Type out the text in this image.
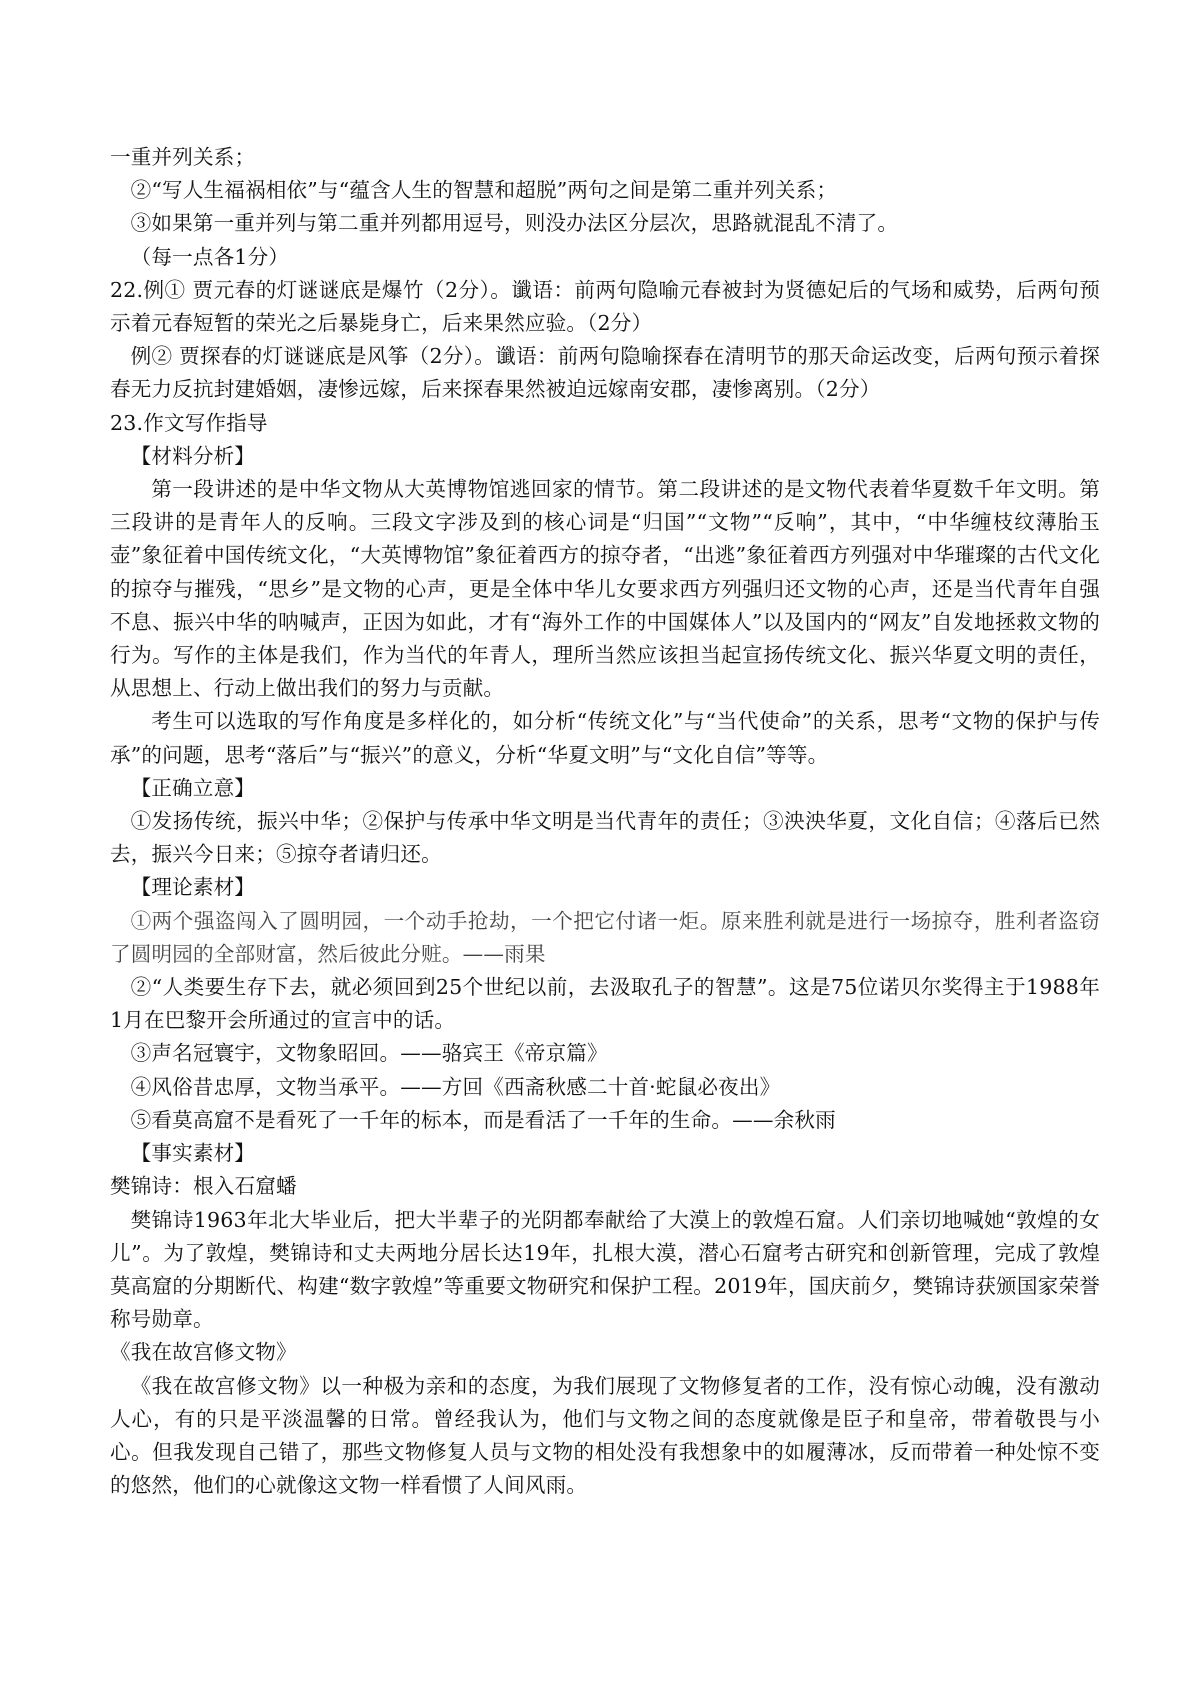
一重并列关系；

②“写人生福祸相依”与“蕴含人生的智慧和超脱”两句之间是第二重并列关系；

③如果第一重并列与第二重并列都用逗号，则没办法区分层次，思路就混乱不清了。

（每一点各1分）

22.例① 贾元春的灯谜谜底是爆竹（2分）。谶语：前两句隐喻元春被封为贤德妃后的气场和威势，后两句预示着元春短暂的荣光之后暴毙身亡，后来果然应验。（2分）

例② 贾探春的灯谜谜底是风筝（2分）。谶语：前两句隐喻探春在清明节的那天命运改变，后两句预示着探春无力反抗封建婚姻，凄惨远嫁，后来探春果然被迫远嫁南安郡，凄惨离别。（2分）

23.作文写作指导

【材料分析】

第一段讲述的是中华文物从大英博物馆逃回家的情节。第二段讲述的是文物代表着华夏数千年文明。第三段讲的是青年人的反响。三段文字涉及到的核心词是“归国”“文物”“反响”，其中，“中华缠枝纹薄胎玉壶”象征着中国传统文化，“大英博物馆”象征着西方的掠夺者，“出逃”象征着西方列强对中华璀璨的古代文化的掠夺与摧残，“思乡”是文物的心声，更是全体中华儿女要求西方列强归还文物的心声，还是当代青年自强不息、振兴中华的呐喊声，正因为如此，才有“海外工作的中国媒体人”以及国内的“网友”自发地拯救文物的行为。写作的主体是我们，作为当代的年青人，理所当然应该担当起宣扬传统文化、振兴华夏文明的责任，从思想上、行动上做出我们的努力与贡献。

考生可以选取的写作角度是多样化的，如分析“传统文化”与“当代使命”的关系，思考“文物的保护与传承”的问题，思考“落后”与“振兴”的意义，分析“华夏文明”与“文化自信”等等。

【正确立意】

①发扬传统，振兴中华；②保护与传承中华文明是当代青年的责任；③泱泱华夏，文化自信；④落后已然去，振兴今日来；⑤掠夺者请归还。

【理论素材】

①两个强盗闯入了圆明园，一个动手抢劫，一个把它付诸一炬。原来胜利就是进行一场掠夺，胜利者盗窃了圆明园的全部财富，然后彼此分赃。——雨果

②“人类要生存下去，就必须回到25个世纪以前，去汲取孔子的智慧”。这是75位诺贝尔奖得主于1988年1月在巴黎开会所通过的宣言中的话。

③声名冠寰宇，文物象昭回。——骆宾王《帝京篇》

④风俗昔忠厚，文物当承平。——方回《西斋秋感二十首·蛇鼠必夜出》

⑤看莫高窟不是看死了一千年的标本，而是看活了一千年的生命。——余秋雨

【事实素材】

樊锦诗：根入石窟蟠

樊锦诗1963年北大毕业后，把大半辈子的光阴都奉献给了大漠上的敦煌石窟。人们亲切地喊她“敦煌的女儿”。为了敦煌，樊锦诗和丈夫两地分居长达19年，扎根大漠，潜心石窟考古研究和创新管理，完成了敦煌莫高窟的分期断代、构建“数字敦煌”等重要文物研究和保护工程。2019年，国庆前夕，樊锦诗获颁国家荣誉称号勋章。

《我在故宫修文物》

《我在故宫修文物》以一种极为亲和的态度，为我们展现了文物修复者的工作，没有惊心动魄，没有激动人心，有的只是平淡温馨的日常。曾经我认为，他们与文物之间的态度就像是臣子和皇帝，带着敬畏与小心。但我发现自己错了，那些文物修复人员与文物的相处没有我想象中的如履薄冰，反而带着一种处惊不变的悠然，他们的心就像这文物一样看惯了人间风雨。
